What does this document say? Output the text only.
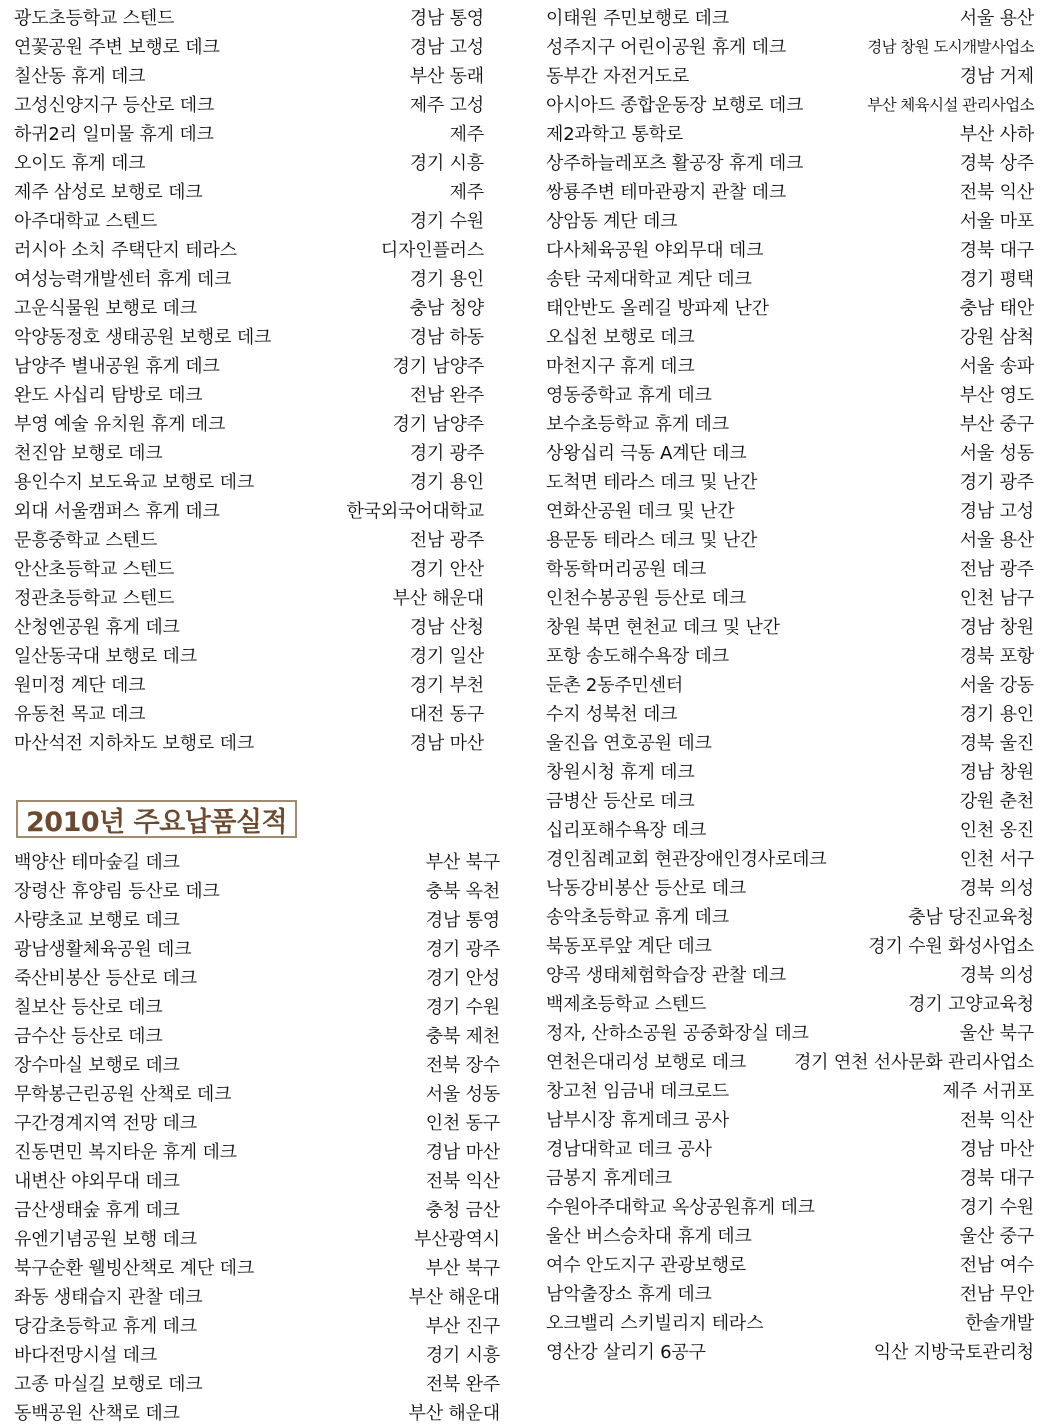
광도초등학교 스텐드	경남 통영
연꽃공원 주변 보행로 데크	경남 고성
칠산동 휴게 데크	부산 동래
고성신양지구 등산로 데크	제주 고성
하귀2리 일미물 휴게 데크	제주
오이도 휴게 데크	경기 시흥
제주 삼성로 보행로 데크	제주
아주대학교 스텐드	경기 수원
러시아 소치 주택단지 테라스	디자인플러스
여성능력개발센터 휴게 데크	경기 용인
고운식물원 보행로 데크	충남 청양
악양동정호 생태공원 보행로 데크	경남 하동
남양주 별내공원 휴게 데크	경기 남양주
완도 사십리 탐방로 데크	전남 완주
부영 예술 유치원 휴게 데크	경기 남양주
천진암 보행로 데크	경기 광주
용인수지 보도육교 보행로 데크	경기 용인
외대 서울캠퍼스 휴게 데크	한국외국어대학교
문흥중학교 스텐드	전남 광주
안산초등학교 스텐드	경기 안산
정관초등학교 스텐드	부산 해운대
산청엔공원 휴게 데크	경남 산청
일산동국대 보행로 데크	경기 일산
원미정 계단 데크	경기 부천
유동천 목교 데크	대전 동구
마산석전 지하차도 보행로 데크	경남 마산
2010년 주요납품실적
백양산 테마숲길 데크	부산 북구
장령산 휴양림 등산로 데크	충북 옥천
사량초교 보행로 데크	경남 통영
광남생활체육공원 데크	경기 광주
죽산비봉산 등산로 데크	경기 안성
칠보산 등산로 데크	경기 수원
금수산 등산로 데크	충북 제천
장수마실 보행로 데크	전북 장수
무학봉근린공원 산책로 데크	서울 성동
구간경계지역 전망 데크	인천 동구
진동면민 복지타운 휴게 데크	경남 마산
내변산 야외무대 데크	전북 익산
금산생태숲 휴게 데크	충청 금산
유엔기념공원 보행 데크	부산광역시
북구순환 웰빙산책로 계단 데크	부산 북구
좌동 생태습지 관찰 데크	부산 해운대
당감초등학교 휴게 데크	부산 진구
바다전망시설 데크	경기 시흥
고종 마실길 보행로 데크	전북 완주
동백공원 산책로 데크	부산 해운대
이태원 주민보행로 데크	서울 용산
성주지구 어린이공원 휴게 데크	경남 창원 도시개발사업소
동부간 자전거도로	경남 거제
아시아드 종합운동장 보행로 데크	부산 체육시설 관리사업소
제2과학고 통학로	부산 사하
상주하늘레포츠 활공장 휴게 데크	경북 상주
쌍룡주변 테마관광지 관찰 데크	전북 익산
상암동 계단 데크	서울 마포
다사체육공원 야외무대 데크	경북 대구
송탄 국제대학교 계단 데크	경기 평택
태안반도 올레길 방파제 난간	충남 태안
오십천 보행로 데크	강원 삼척
마천지구 휴게 데크	서울 송파
영동중학교 휴게 데크	부산 영도
보수초등학교 휴게 데크	부산 중구
상왕십리 극동 A계단 데크	서울 성동
도척면 테라스 데크 및 난간	경기 광주
연화산공원 데크 및 난간	경남 고성
용문동 테라스 데크 및 난간	서울 용산
학동학머리공원 데크	전남 광주
인천수봉공원 등산로 데크	인천 남구
창원 북면 현천교 데크 및 난간	경남 창원
포항 송도해수욕장 데크	경북 포항
둔촌 2동주민센터	서울 강동
수지 성북천 데크	경기 용인
울진읍 연호공원 데크	경북 울진
창원시청 휴게 데크	경남 창원
금병산 등산로 데크	강원 춘천
십리포해수욕장 데크	인천 옹진
경인침례교회 현관장애인경사로데크	인천 서구
낙동강비봉산 등산로 데크	경북 의성
송악초등학교 휴게 데크	충남 당진교육청
북동포루앞 계단 데크	경기 수원 화성사업소
양곡 생태체험학습장 관찰 데크	경북 의성
백제초등학교 스텐드	경기 고양교육청
정자, 산하소공원 공중화장실 데크	울산 북구
연천은대리성 보행로 데크	경기 연천 선사문화 관리사업소
창고천 임금내 데크로드	제주 서귀포
남부시장 휴게데크 공사	전북 익산
경남대학교 데크 공사	경남 마산
금봉지 휴게데크	경북 대구
수원아주대학교 옥상공원휴게 데크	경기 수원
울산 버스승차대 휴게 데크	울산 중구
여수 안도지구 관광보행로	전남 여수
남악출장소 휴게 데크	전남 무안
오크밸리 스키빌리지 테라스	한솔개발
영산강 살리기 6공구	익산 지방국토관리청
